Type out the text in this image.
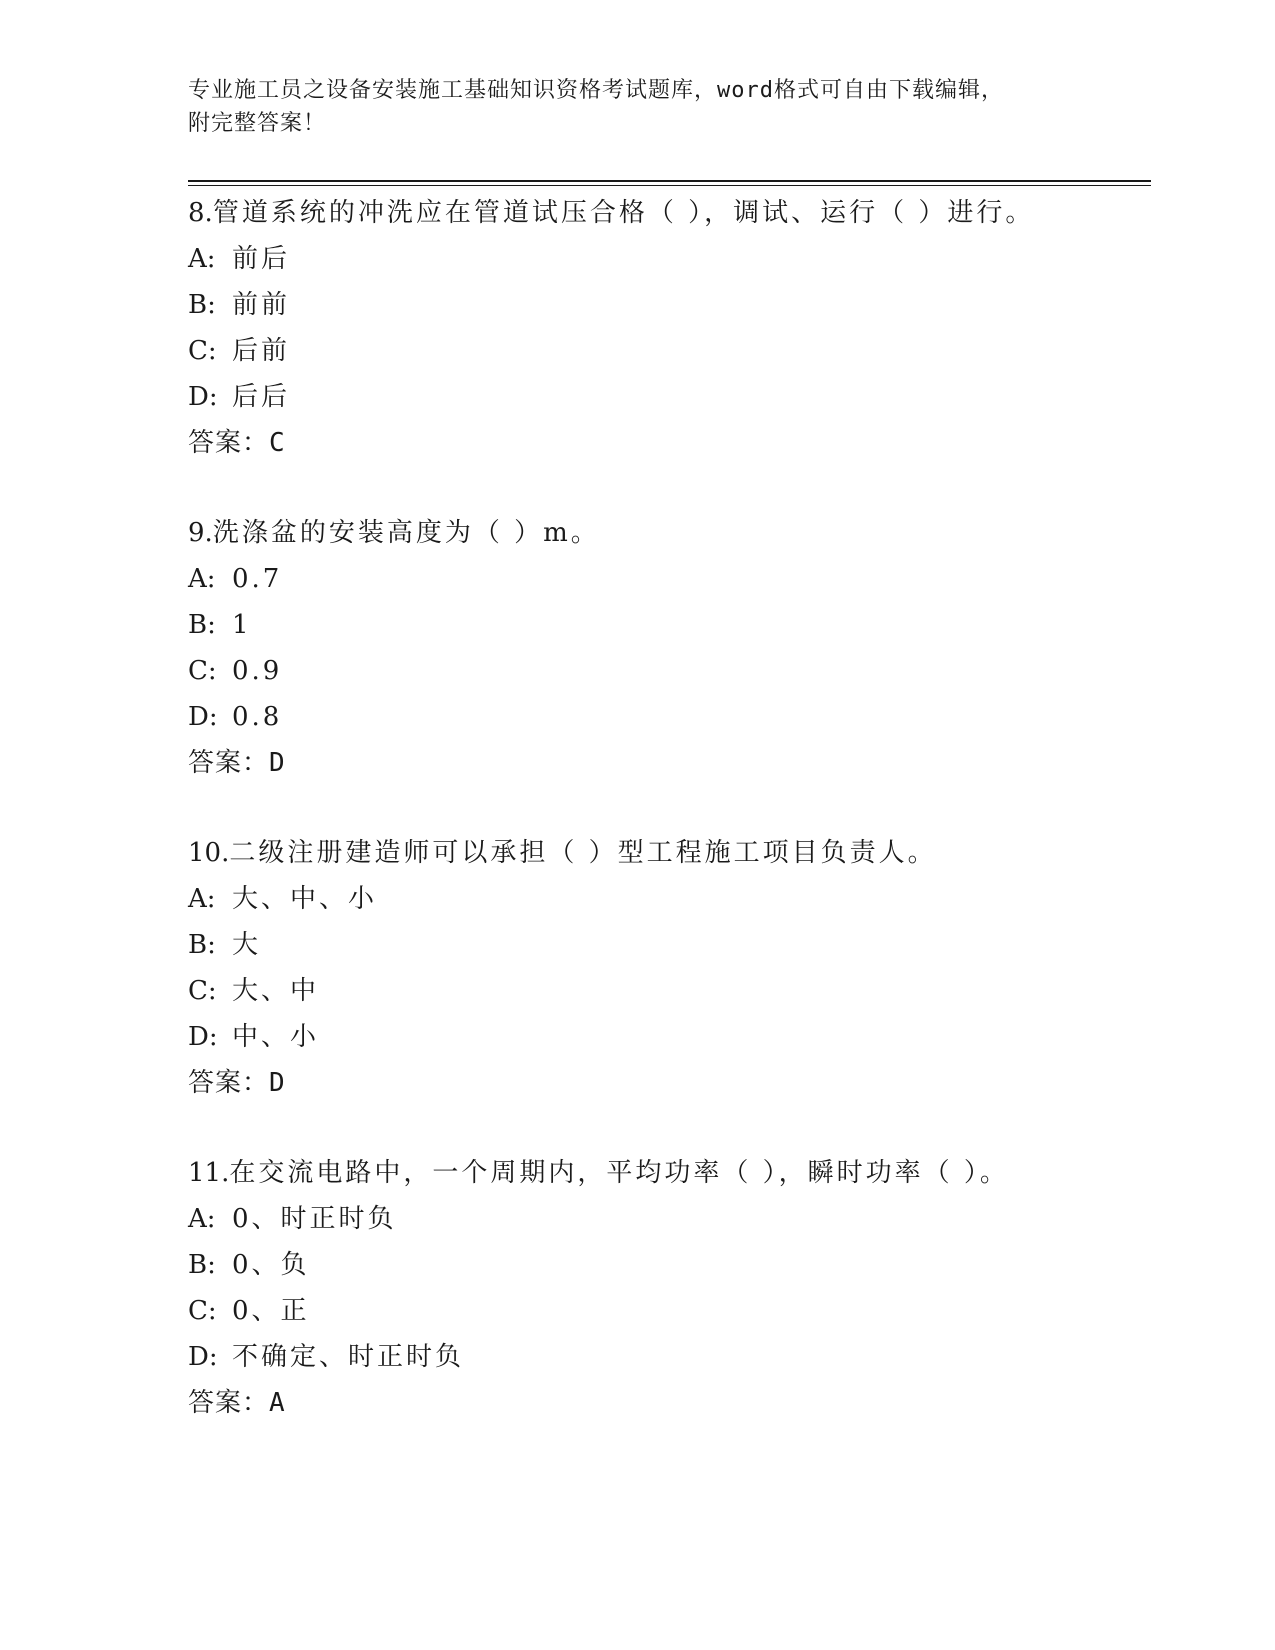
专业施工员之设备安装施工基础知识资格考试题库，word格式可自由下载编辑，
附完整答案！
8.管道系统的冲洗应在管道试压合格（ ），调试、运行（ ）进行。
A: 前后
B: 前前
C: 后前
D: 后后
答案：C
9.洗涤盆的安装高度为（ ）m。
A: 0.7
B: 1
C: 0.9
D: 0.8
答案：D
10.二级注册建造师可以承担（ ）型工程施工项目负责人。
A: 大、中、小
B: 大
C: 大、中
D: 中、小
答案：D
11.在交流电路中，一个周期内，平均功率（ ），瞬时功率（ ）。
A: 0、时正时负
B: 0、负
C: 0、正
D: 不确定、时正时负
答案：A
